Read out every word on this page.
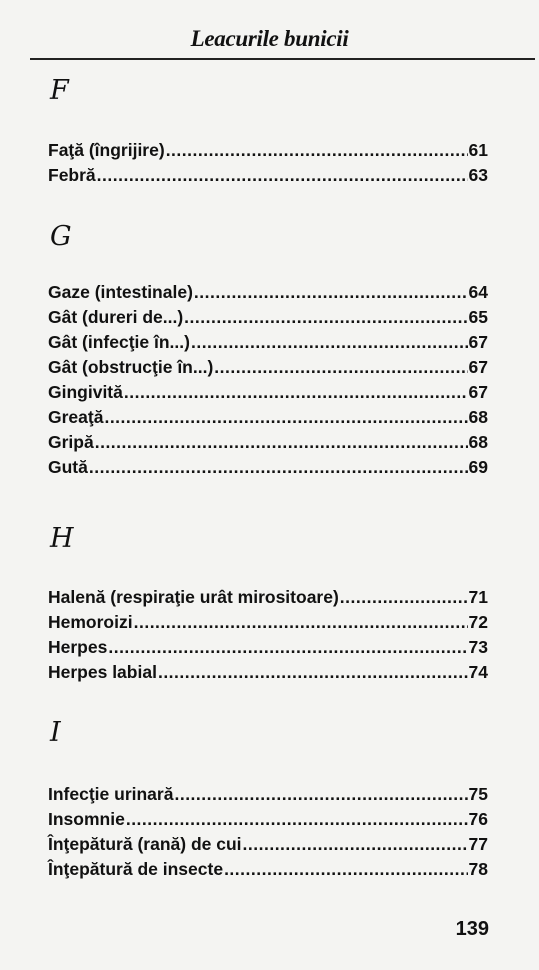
Leacurile bunicii
F
Faţă (îngrijire) .....	61
Febră .....	63
G
Gaze (intestinale) .....	64
Gât (dureri de...) .....	65
Gât (infecţie în...) .....	67
Gât (obstrucţie în...) .....	67
Gingivită .....	67
Greaţă .....	68
Gripă .....	68
Gută .....	69
H
Halenă (respiraţie urât mirositoare) .....	71
Hemoroizi .....	72
Herpes .....	73
Herpes labial .....	74
I
Infecţie urinară .....	75
Insomnie .....	76
Înţepătură (rană) de cui .....	77
Înţepătură de insecte .....	78
139
